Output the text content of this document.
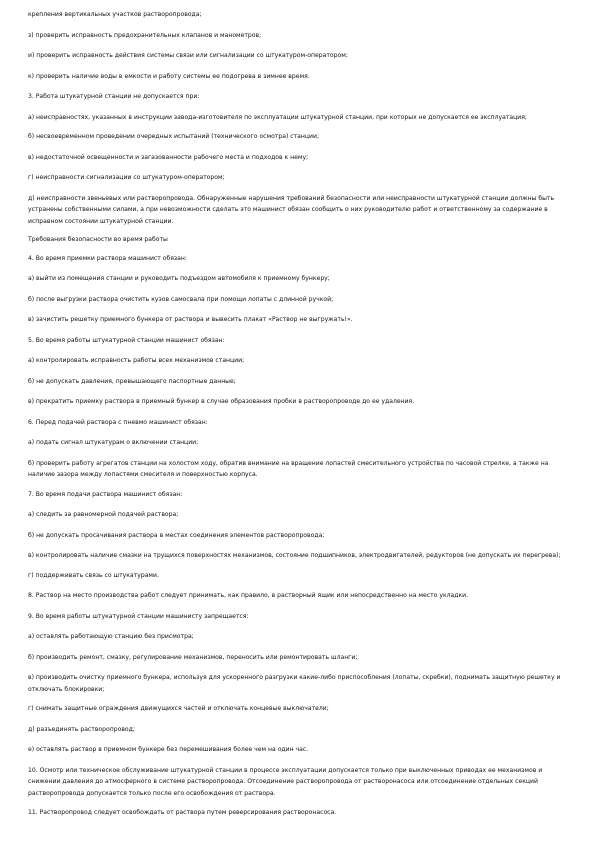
крепления вертикальных участков растворопровода;

з) проверить исправность предохранительных клапанов и манометров;

и) проверить исправность действия системы связи или сигнализации со штукатуром-оператором;

к) проверить наличие воды в емкости и работу системы ее подогрева в зимнее время.

3. Работа штукатурной станции не допускается при:

а) неисправностях, указанных в инструкции завода-изготовителя по эксплуатации штукатурной станции, при которых не допускается ее эксплуатация;

б) несвоевременном проведении очередных испытаний (технического осмотра) станции;

в) недостаточной освещенности и загазованности рабочего места и подходов к нему;

г) неисправности сигнализации со штукатуром-оператором;

д) неисправности звеньевых или растворопровода. Обнаруженные нарушения требований безопасности или неисправности штукатурной станции должны быть устранены собственными силами, а при невозможности сделать это машинист обязан сообщить о них руководителю работ и ответственному за содержание в исправном состоянии штукатурной станции.

Требования безопасности во время работы

4. Во время приемки раствора машинист обязан:

а) выйти из помещения станции и руководить подъездом автомобиля к приемному бункеру;

б) после выгрузки раствора очистить кузов самосвала при помощи лопаты с длинной ручкой;

в) зачистить решетку приемного бункера от раствора и вывесить плакат «Раствор не выгружать!».

5. Во время работы штукатурной станции машинист обязан:

а) контролировать исправность работы всех механизмов станции;

б) не допускать давления, превышающего паспортные данные;

в) прекратить приемку раствора в приемный бункер в случае образования пробки в растворопроводе до ее удаления.

6. Перед подачей раствора с пневмо машинист обязан:

а) подать сигнал штукатурам о включении станции;

б) проверить работу агрегатов станции на холостом ходу, обратив внимание на вращение лопастей смесительного устройства по часовой стрелке, а также на наличие зазора между лопастями смесителя и поверхностью корпуса.

7. Во время подачи раствора машинист обязан:

а) следить за равномерной подачей раствора;

б) не допускать просачивания раствора в местах соединения элементов растворопровода;

в) контролировать наличие смазки на трущихся поверхностях механизмов, состояние подшипников, электродвигателей, редукторов (не допускать их перегрева);

г) поддерживать связь со штукатурами.

8. Раствор на место производства работ следует принимать, как правило, в растворный ящик или непосредственно на место укладки.

9. Во время работы штукатурной станции машинисту запрещается:

а) оставлять работающую станцию без присмотра;

б) производить ремонт, смазку, регулирование механизмов, переносить или ремонтировать шланги;

в) производить очистку приемного бункера, используя для ускоренного разгрузки какие-либо приспособления (лопаты, скребки), поднимать защитную решетку и отключать блокировки;

г) снимать защитные ограждения движущихся частей и отключать концевые выключатели;

д) разъединять растворопровод;

е) оставлять раствор в приемном бункере без перемешивания более чем на один час.

10. Осмотр или техническое обслуживание штукатурной станции в процессе эксплуатации допускается только при выключенных приводах ее механизмов и снижении давления до атмосферного в системе растворопровода. Отсоединение растворопровода от растворонасоса или отсоединение отдельных секций растворопровода допускается только после его освобождения от раствора.

11. Растворопровод следует освобождать от раствора путем реверсирования растворонасоса.
